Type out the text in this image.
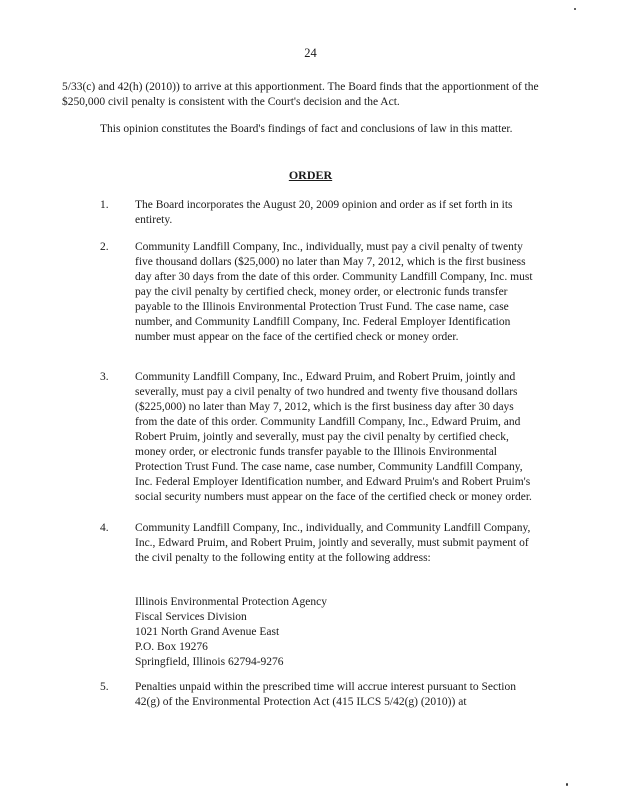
24
5/33(c) and 42(h) (2010)) to arrive at this apportionment. The Board finds that the apportionment of the $250,000 civil penalty is consistent with the Court's decision and the Act.
This opinion constitutes the Board's findings of fact and conclusions of law in this matter.
ORDER
1.	The Board incorporates the August 20, 2009 opinion and order as if set forth in its entirety.
2.	Community Landfill Company, Inc., individually, must pay a civil penalty of twenty five thousand dollars ($25,000) no later than May 7, 2012, which is the first business day after 30 days from the date of this order. Community Landfill Company, Inc. must pay the civil penalty by certified check, money order, or electronic funds transfer payable to the Illinois Environmental Protection Trust Fund. The case name, case number, and Community Landfill Company, Inc. Federal Employer Identification number must appear on the face of the certified check or money order.
3.	Community Landfill Company, Inc., Edward Pruim, and Robert Pruim, jointly and severally, must pay a civil penalty of two hundred and twenty five thousand dollars ($225,000) no later than May 7, 2012, which is the first business day after 30 days from the date of this order. Community Landfill Company, Inc., Edward Pruim, and Robert Pruim, jointly and severally, must pay the civil penalty by certified check, money order, or electronic funds transfer payable to the Illinois Environmental Protection Trust Fund. The case name, case number, Community Landfill Company, Inc. Federal Employer Identification number, and Edward Pruim's and Robert Pruim's social security numbers must appear on the face of the certified check or money order.
4.	Community Landfill Company, Inc., individually, and Community Landfill Company, Inc., Edward Pruim, and Robert Pruim, jointly and severally, must submit payment of the civil penalty to the following entity at the following address:
Illinois Environmental Protection Agency
Fiscal Services Division
1021 North Grand Avenue East
P.O. Box 19276
Springfield, Illinois 62794-9276
5.	Penalties unpaid within the prescribed time will accrue interest pursuant to Section 42(g) of the Environmental Protection Act (415 ILCS 5/42(g) (2010)) at
